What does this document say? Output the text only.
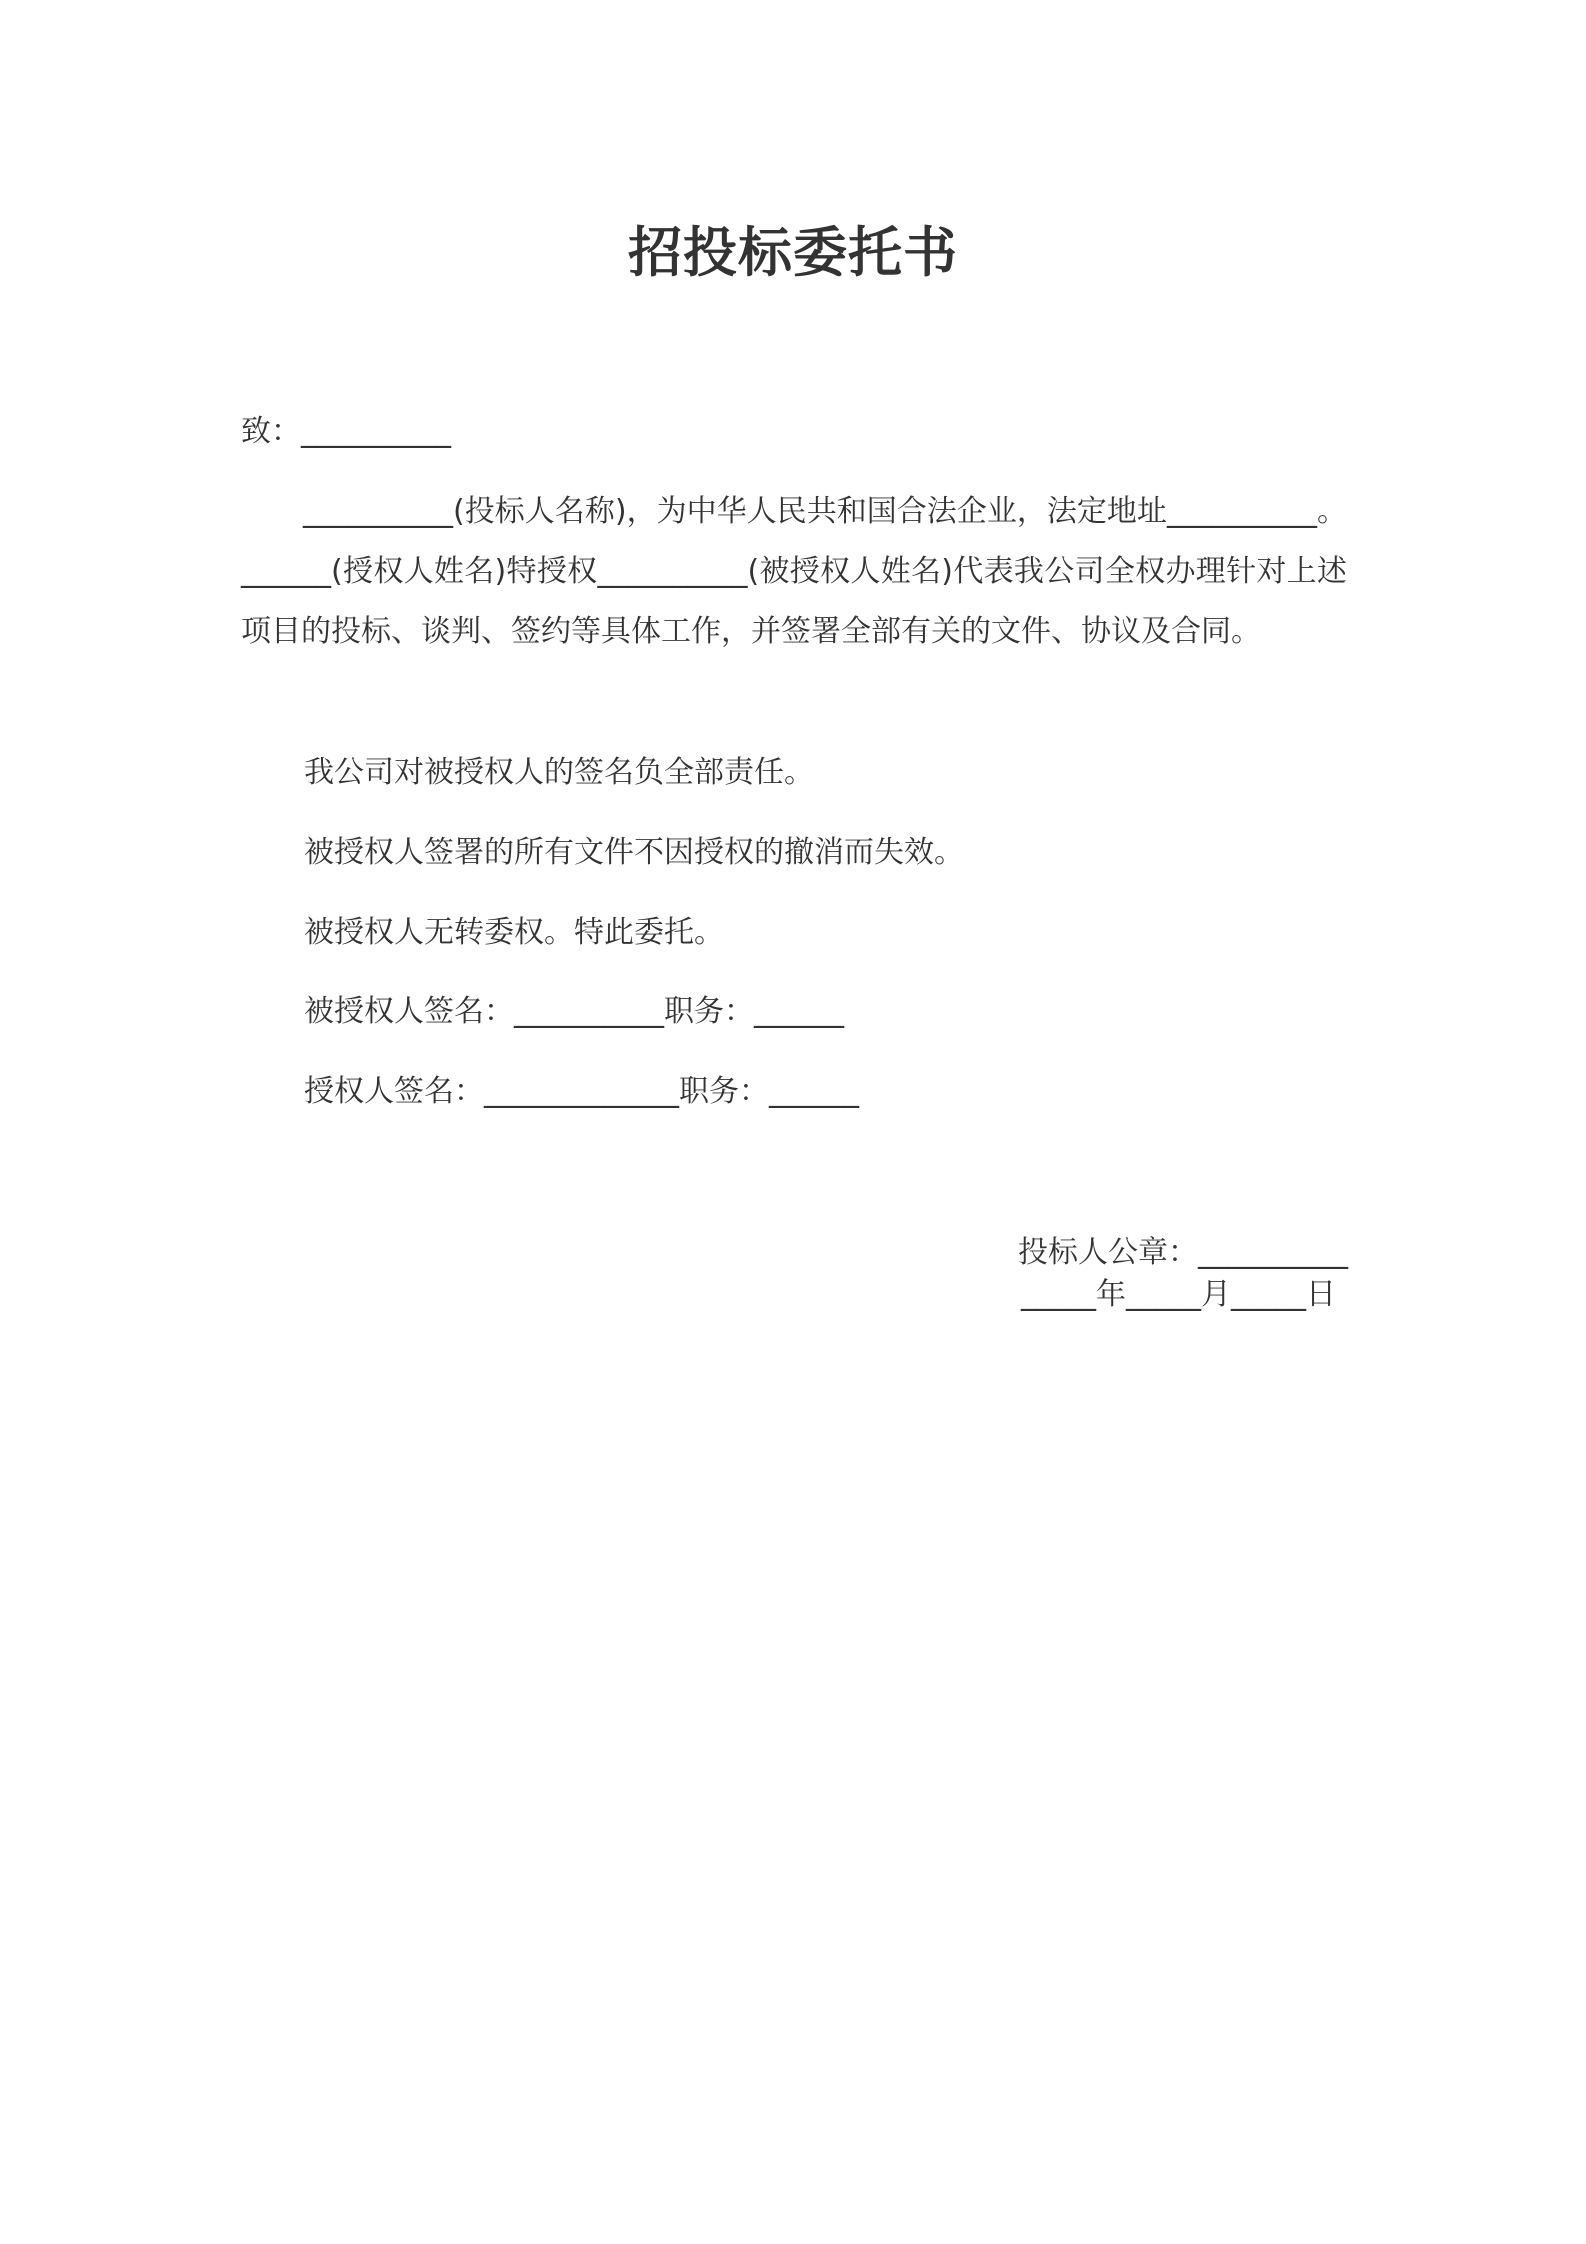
招投标委托书
致：__________
__________(投标人名称)，为中华人民共和国合法企业，法定地址__________。______(授权人姓名)特授权__________(被授权人姓名)代表我公司全权办理针对上述项目的投标、谈判、签约等具体工作，并签署全部有关的文件、协议及合同。
我公司对被授权人的签名负全部责任。
被授权人签署的所有文件不因授权的撤消而失效。
被授权人无转委权。特此委托。
被授权人签名：__________职务：______
授权人签名：_____________职务：______
投标人公章：__________
_____年_____月_____日
